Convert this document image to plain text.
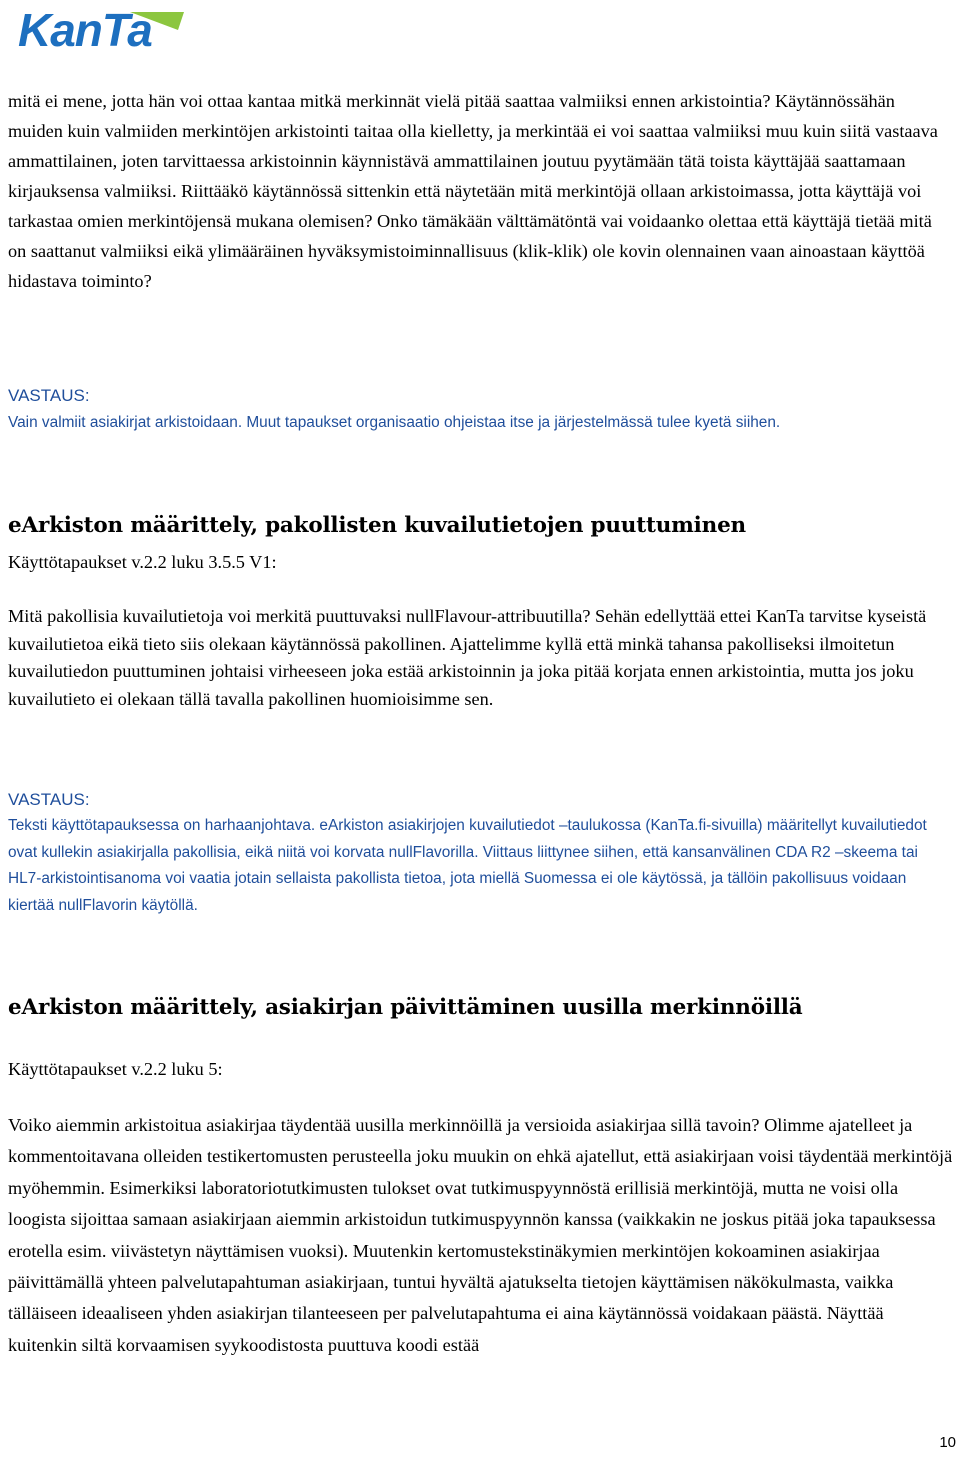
KanTa

mitä ei mene, jotta hän voi ottaa kantaa mitkä merkinnät vielä pitää saattaa valmiiksi ennen arkistointia? Käytännössähän muiden kuin valmiiden merkintöjen arkistointi taitaa olla kielletty, ja merkintää ei voi saattaa valmiiksi muu kuin siitä vastaava ammattilainen, joten tarvittaessa arkistoinnin käynnistävä ammattilainen joutuu pyytämään tätä toista käyttäjää saattamaan kirjauksensa valmiiksi. Riittääkö käytännössä sittenkin että näytetään mitä merkintöjä ollaan arkistoimassa, jotta käyttäjä voi tarkastaa omien merkintöjensä mukana olemisen? Onko tämäkään välttämätöntä vai voidaanko olettaa että käyttäjä tietää mitä on saattanut valmiiksi eikä ylimääräinen hyväksymistoiminnallisuus (klik-klik) ole kovin olennainen vaan ainoastaan käyttöä hidastava toiminto?

VASTAUS:

Vain valmiit asiakirjat arkistoidaan. Muut tapaukset organisaatio ohjeistaa itse ja järjestelmässä tulee kyetä siihen.

eArkiston määrittely, pakollisten kuvailutietojen puuttuminen

Käyttötapaukset v.2.2 luku 3.5.5 V1:

Mitä pakollisia kuvailutietoja voi merkitä puuttuvaksi nullFlavour-attribuutilla? Sehän edellyttää ettei KanTa tarvitse kyseistä kuvailutietoa eikä tieto siis olekaan käytännössä pakollinen. Ajattelimme kyllä että minkä tahansa pakolliseksi ilmoitetun kuvailutiedon puuttuminen johtaisi virheeseen joka estää arkistoinnin ja joka pitää korjata ennen arkistointia, mutta jos joku kuvailutieto ei olekaan tällä tavalla pakollinen huomioisimme sen.

VASTAUS:

Teksti käyttötapauksessa on harhaanjohtava. eArkiston asiakirjojen kuvailutiedot –taulukossa (KanTa.fi-sivuilla) määritellyt kuvailutiedot ovat kullekin asiakirjalla pakollisia, eikä niitä voi korvata nullFlavorilla. Viittaus liittynee siihen, että kansanvälinen CDA R2 –skeema tai HL7-arkistointisanoma voi vaatia jotain sellaista pakollista tietoa, jota miellä Suomessa ei ole käytössä, ja tällöin pakollisuus voidaan kiertää nullFlavorin käytöllä.

eArkiston määrittely, asiakirjan päivittäminen uusilla merkinnöillä

Käyttötapaukset v.2.2 luku 5:

Voiko aiemmin arkistoitua asiakirjaa täydentää uusilla merkinnöillä ja versioida asiakirjaa sillä tavoin? Olimme ajatelleet ja kommentoitavana olleiden testikertomusten perusteella joku muukin on ehkä ajatellut, että asiakirjaan voisi täydentää merkintöjä myöhemmin. Esimerkiksi laboratoriotutkimusten tulokset ovat tutkimuspyynnöstä erillisiä merkintöjä, mutta ne voisi olla loogista sijoittaa samaan asiakirjaan aiemmin arkistoidun tutkimuspyynnön kanssa (vaikkakin ne joskus pitää joka tapauksessa erotella esim. viivästetyn näyttämisen vuoksi). Muutenkin kertomustekstinäkymien merkintöjen kokoaminen asiakirjaa päivittämällä yhteen palvelutapahtuman asiakirjaan, tuntui hyvältä ajatukselta tietojen käyttämisen näkökulmasta, vaikka tälläiseen ideaaliseen yhden asiakirjan tilanteeseen per palvelutapahtuma ei aina käytännössä voidakaan päästä. Näyttää kuitenkin siltä korvaamisen syykoodistosta puuttuva koodi estää

10
